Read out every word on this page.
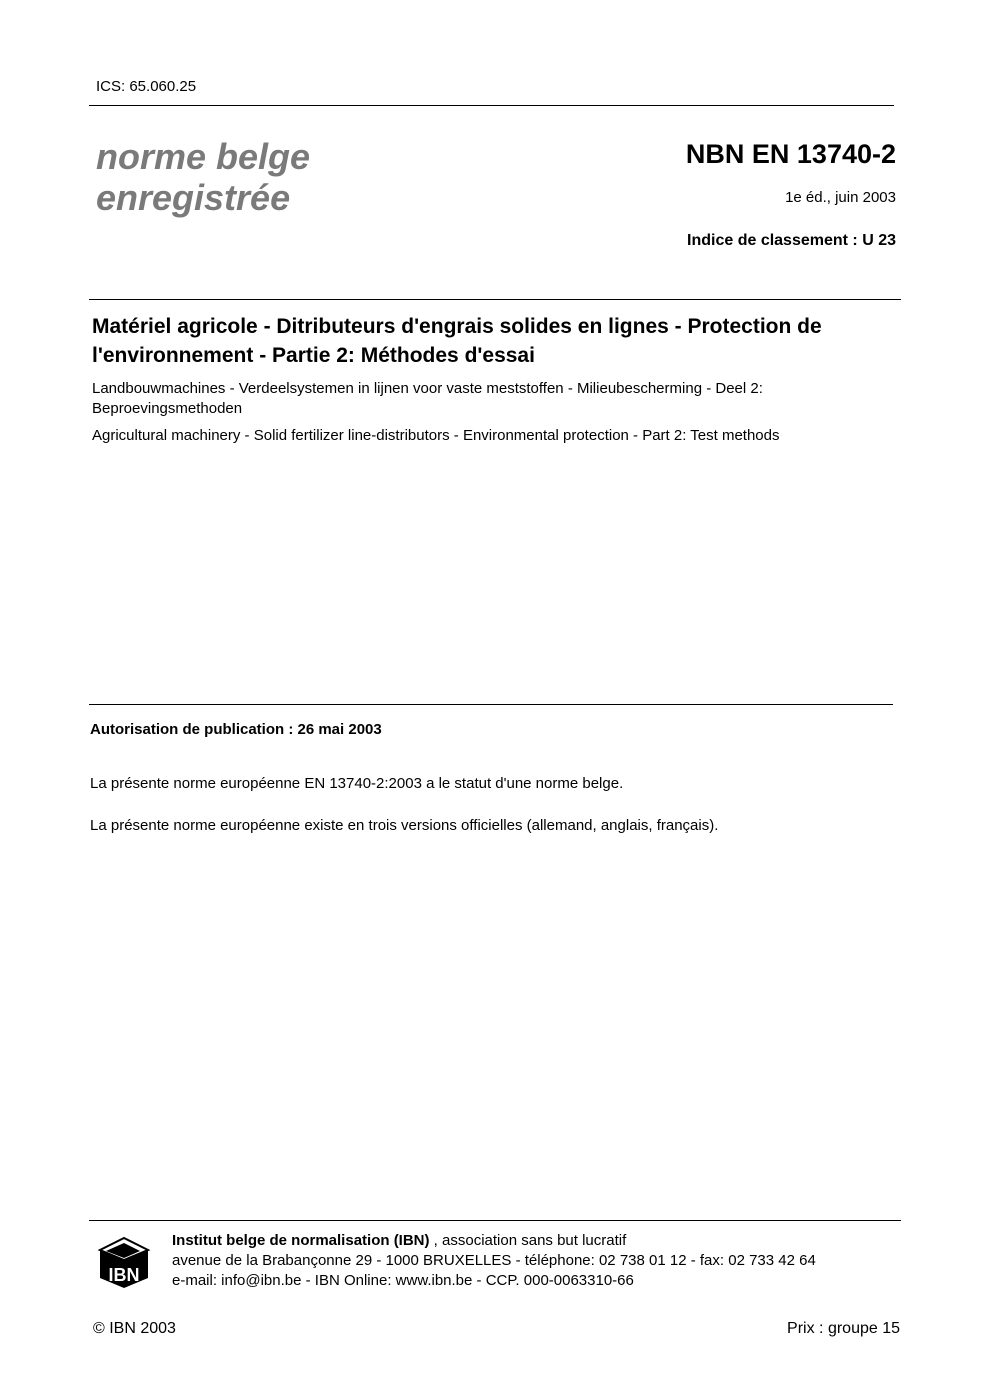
ICS: 65.060.25
norme belge
enregistrée
NBN EN 13740-2
1e éd., juin 2003
Indice de classement : U 23
Matériel agricole - Ditributeurs d'engrais solides en lignes - Protection de l'environnement - Partie 2: Méthodes d'essai
Landbouwmachines - Verdeelsystemen in lijnen voor vaste meststoffen - Milieubescherming - Deel 2: Beproevingsmethoden
Agricultural machinery - Solid fertilizer line-distributors - Environmental protection - Part 2: Test methods
Autorisation de publication : 26 mai 2003
La présente norme européenne EN 13740-2:2003 a le statut d'une norme belge.
La présente norme européenne existe en trois versions officielles (allemand, anglais, français).
IBN
Institut belge de normalisation (IBN) , association sans but lucratif
avenue de la Brabançonne 29 - 1000 BRUXELLES - téléphone: 02 738 01 12 - fax: 02 733 42 64
e-mail: info@ibn.be - IBN Online: www.ibn.be - CCP. 000-0063310-66
© IBN 2003	Prix : groupe 15
